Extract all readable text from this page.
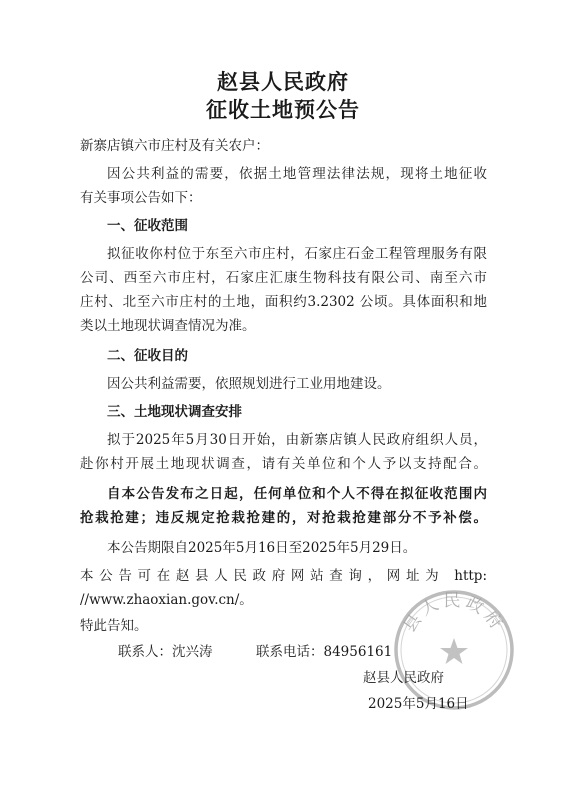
赵县人民政府
征收土地预公告
新寨店镇六市庄村及有关农户：
因公共利益的需要，依据土地管理法律法规，现将土地征收
有关事项公告如下：
一、征收范围
拟征收你村位于东至六市庄村，石家庄石金工程管理服务有限
公司、西至六市庄村，石家庄汇康生物科技有限公司、南至六市
庄村、北至六市庄村的土地，面积约3.2302 公顷。具体面积和地
类以土地现状调查情况为准。
二、征收目的
因公共利益需要，依照规划进行工业用地建设。
三、土地现状调查安排
拟于2025年5月30日开始，由新寨店镇人民政府组织人员，
赴你村开展土地现状调查，请有关单位和个人予以支持配合。
自本公告发布之日起，任何单位和个人不得在拟征收范围内
抢栽抢建；违反规定抢栽抢建的，对抢栽抢建部分不予补偿。
本公告期限自2025年5月16日至2025年5月29日。
本公告可在赵县人民政府网站查询，网址为 http:
//www.zhaoxian.gov.cn/。
特此告知。
联系人：沈兴涛	联系电话：84956161
县人民政府
赵县人民政府
2025年5月16日
